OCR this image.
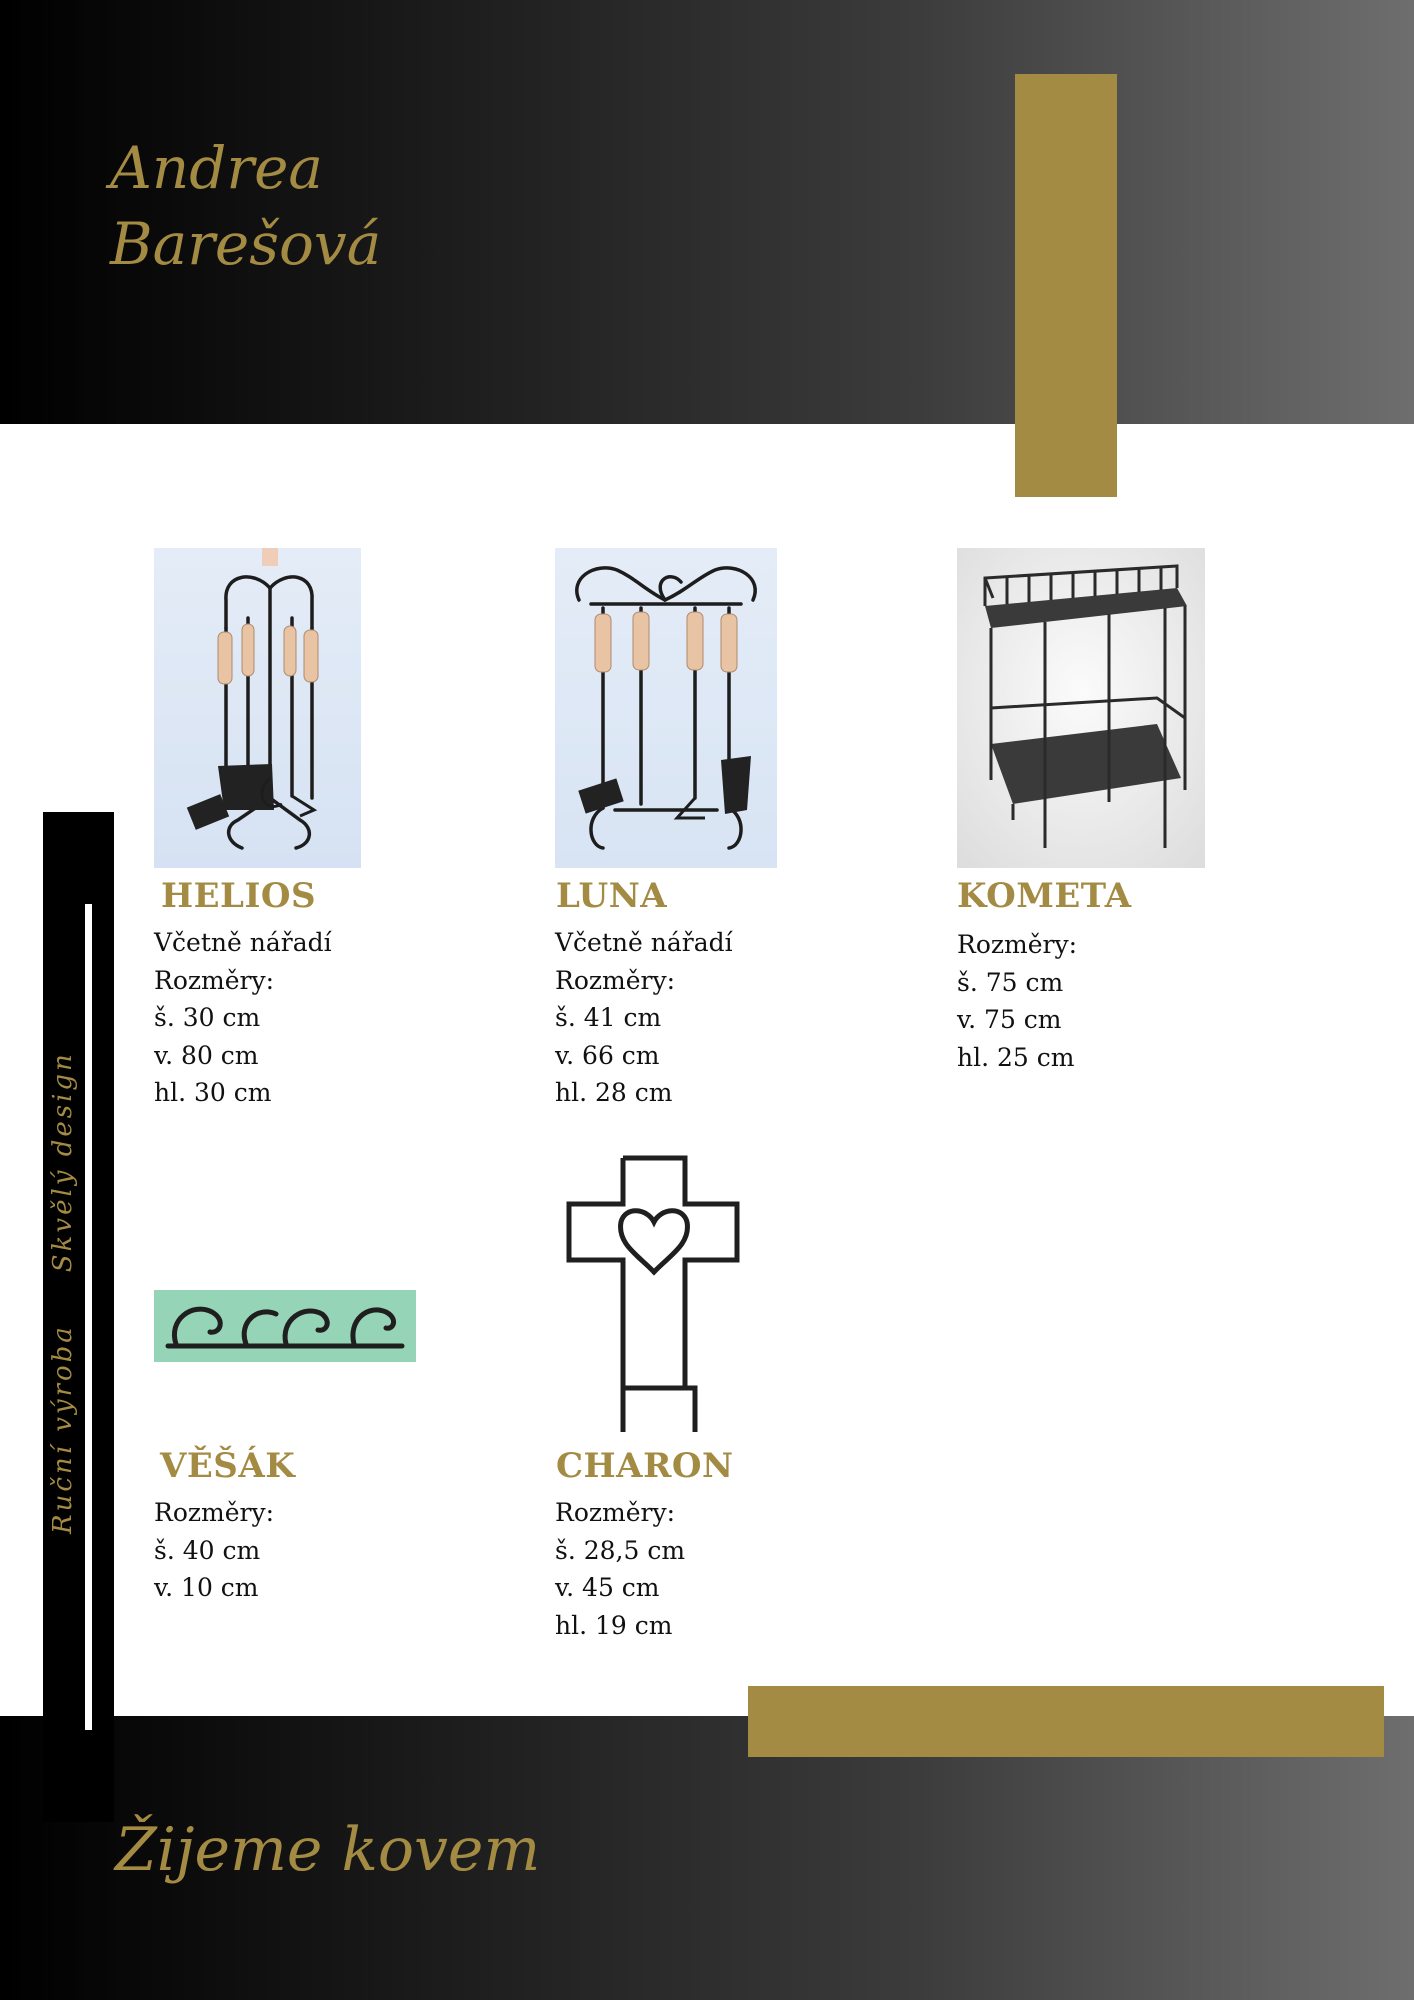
Ruční výrobaSkvělý design
Andrea
Barešová
HELIOS
Včetně nářadí
Rozměry:
š. 30 cm
v. 80 cm
hl. 30 cm
LUNA
Včetně nářadí
Rozměry:
š. 41 cm
v. 66 cm
hl. 28 cm
KOMETA
Rozměry:
š. 75 cm
v. 75 cm
hl. 25 cm
VĚŠÁK
Rozměry:
š. 40 cm
v. 10 cm
CHARON
Rozměry:
š. 28,5 cm
v. 45 cm
hl. 19 cm

Žijeme kovem
